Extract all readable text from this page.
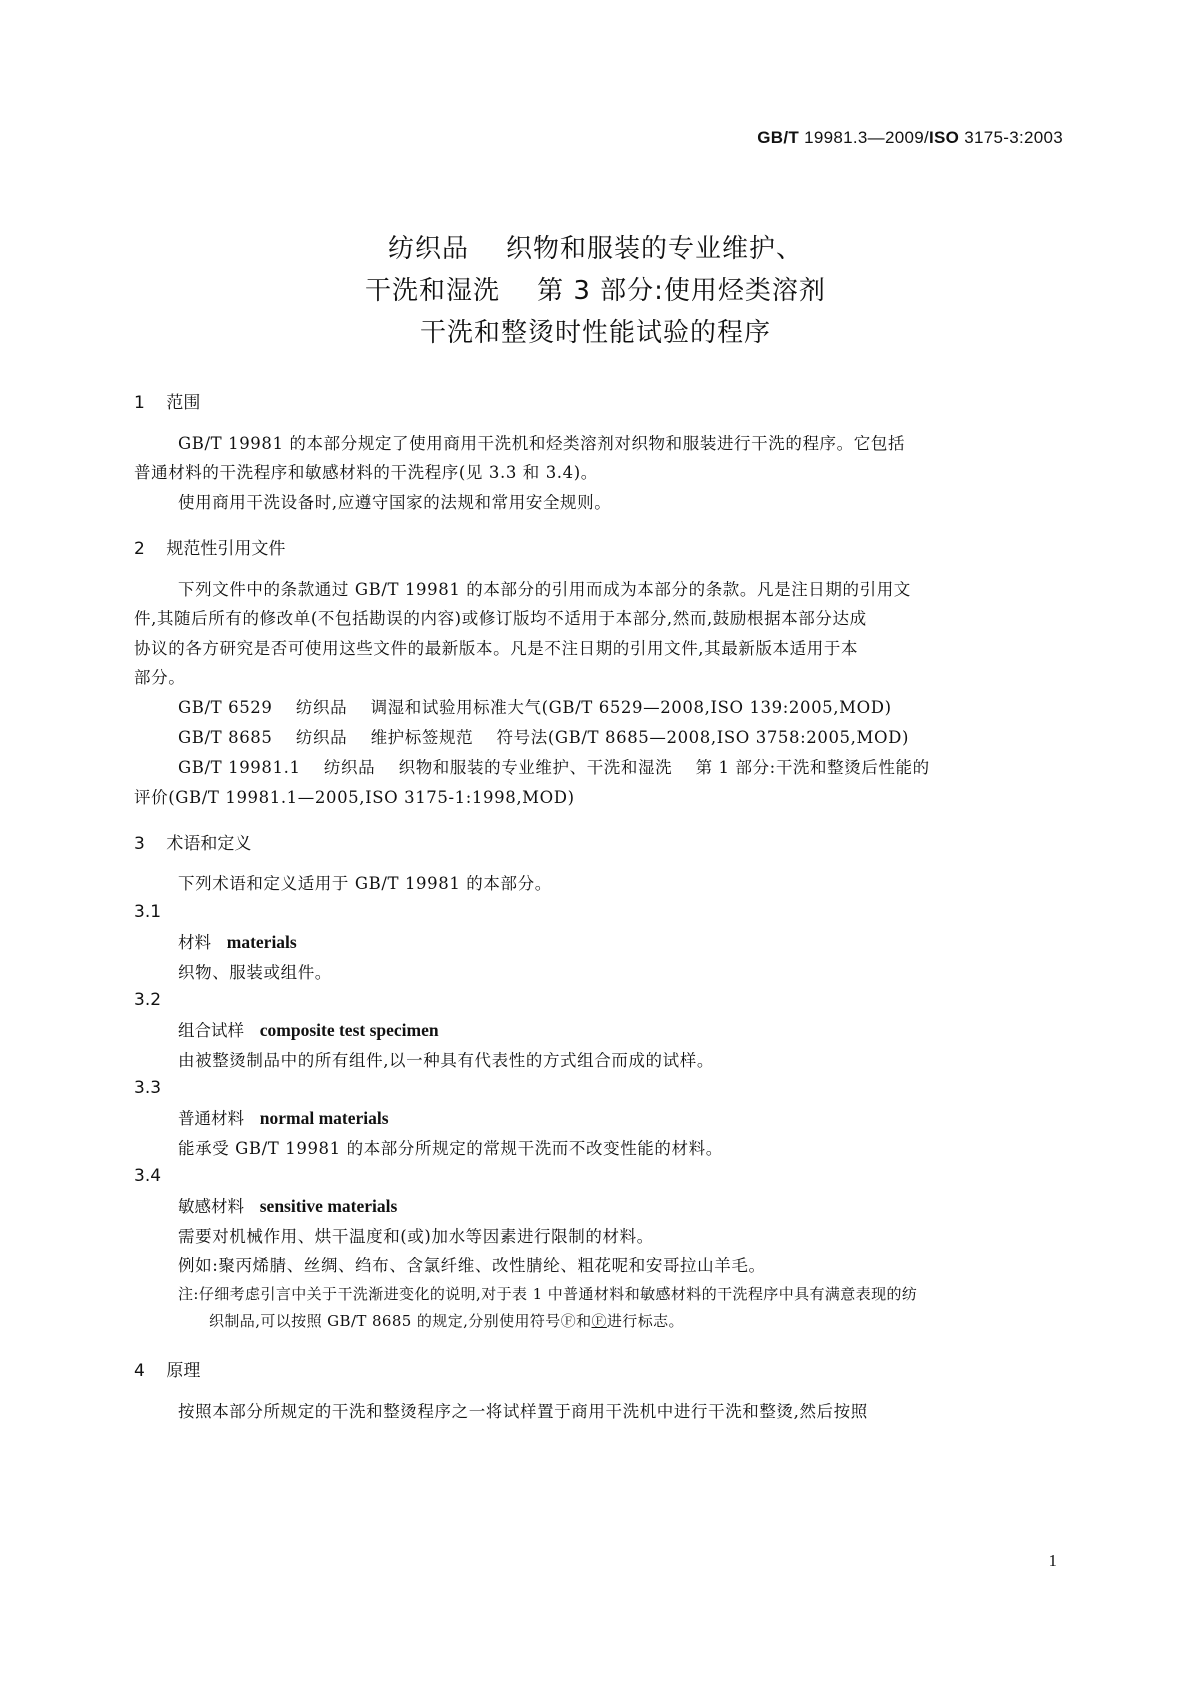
GB/T 19981.3—2009/ISO 3175-3:2003
纺织品    织物和服装的专业维护、
干洗和湿洗    第 3 部分:使用烃类溶剂
干洗和整烫时性能试验的程序
1    范围
GB/T 19981 的本部分规定了使用商用干洗机和烃类溶剂对织物和服装进行干洗的程序。它包括
普通材料的干洗程序和敏感材料的干洗程序(见 3.3 和 3.4)。
使用商用干洗设备时,应遵守国家的法规和常用安全规则。
2    规范性引用文件
下列文件中的条款通过 GB/T 19981 的本部分的引用而成为本部分的条款。凡是注日期的引用文
件,其随后所有的修改单(不包括勘误的内容)或修订版均不适用于本部分,然而,鼓励根据本部分达成
协议的各方研究是否可使用这些文件的最新版本。凡是不注日期的引用文件,其最新版本适用于本
部分。
GB/T 6529    纺织品    调湿和试验用标准大气(GB/T 6529—2008,ISO 139:2005,MOD)
GB/T 8685    纺织品    维护标签规范    符号法(GB/T 8685—2008,ISO 3758:2005,MOD)
GB/T 19981.1    纺织品    织物和服装的专业维护、干洗和湿洗    第 1 部分:干洗和整烫后性能的
评价(GB/T 19981.1—2005,ISO 3175-1:1998,MOD)
3    术语和定义
下列术语和定义适用于 GB/T 19981 的本部分。
3.1
材料 materials
织物、服装或组件。
3.2
组合试样 composite test specimen
由被整烫制品中的所有组件,以一种具有代表性的方式组合而成的试样。
3.3
普通材料 normal materials
能承受 GB/T 19981 的本部分所规定的常规干洗而不改变性能的材料。
3.4
敏感材料 sensitive materials
需要对机械作用、烘干温度和(或)加水等因素进行限制的材料。
例如:聚丙烯腈、丝绸、绉布、含氯纤维、改性腈纶、粗花呢和安哥拉山羊毛。
注:仔细考虑引言中关于干洗渐进变化的说明,对于表 1 中普通材料和敏感材料的干洗程序中具有满意表现的纺
织制品,可以按照 GB/T 8685 的规定,分别使用符号Ⓕ和Ⓕ进行标志。
4    原理
按照本部分所规定的干洗和整烫程序之一将试样置于商用干洗机中进行干洗和整烫,然后按照
1
